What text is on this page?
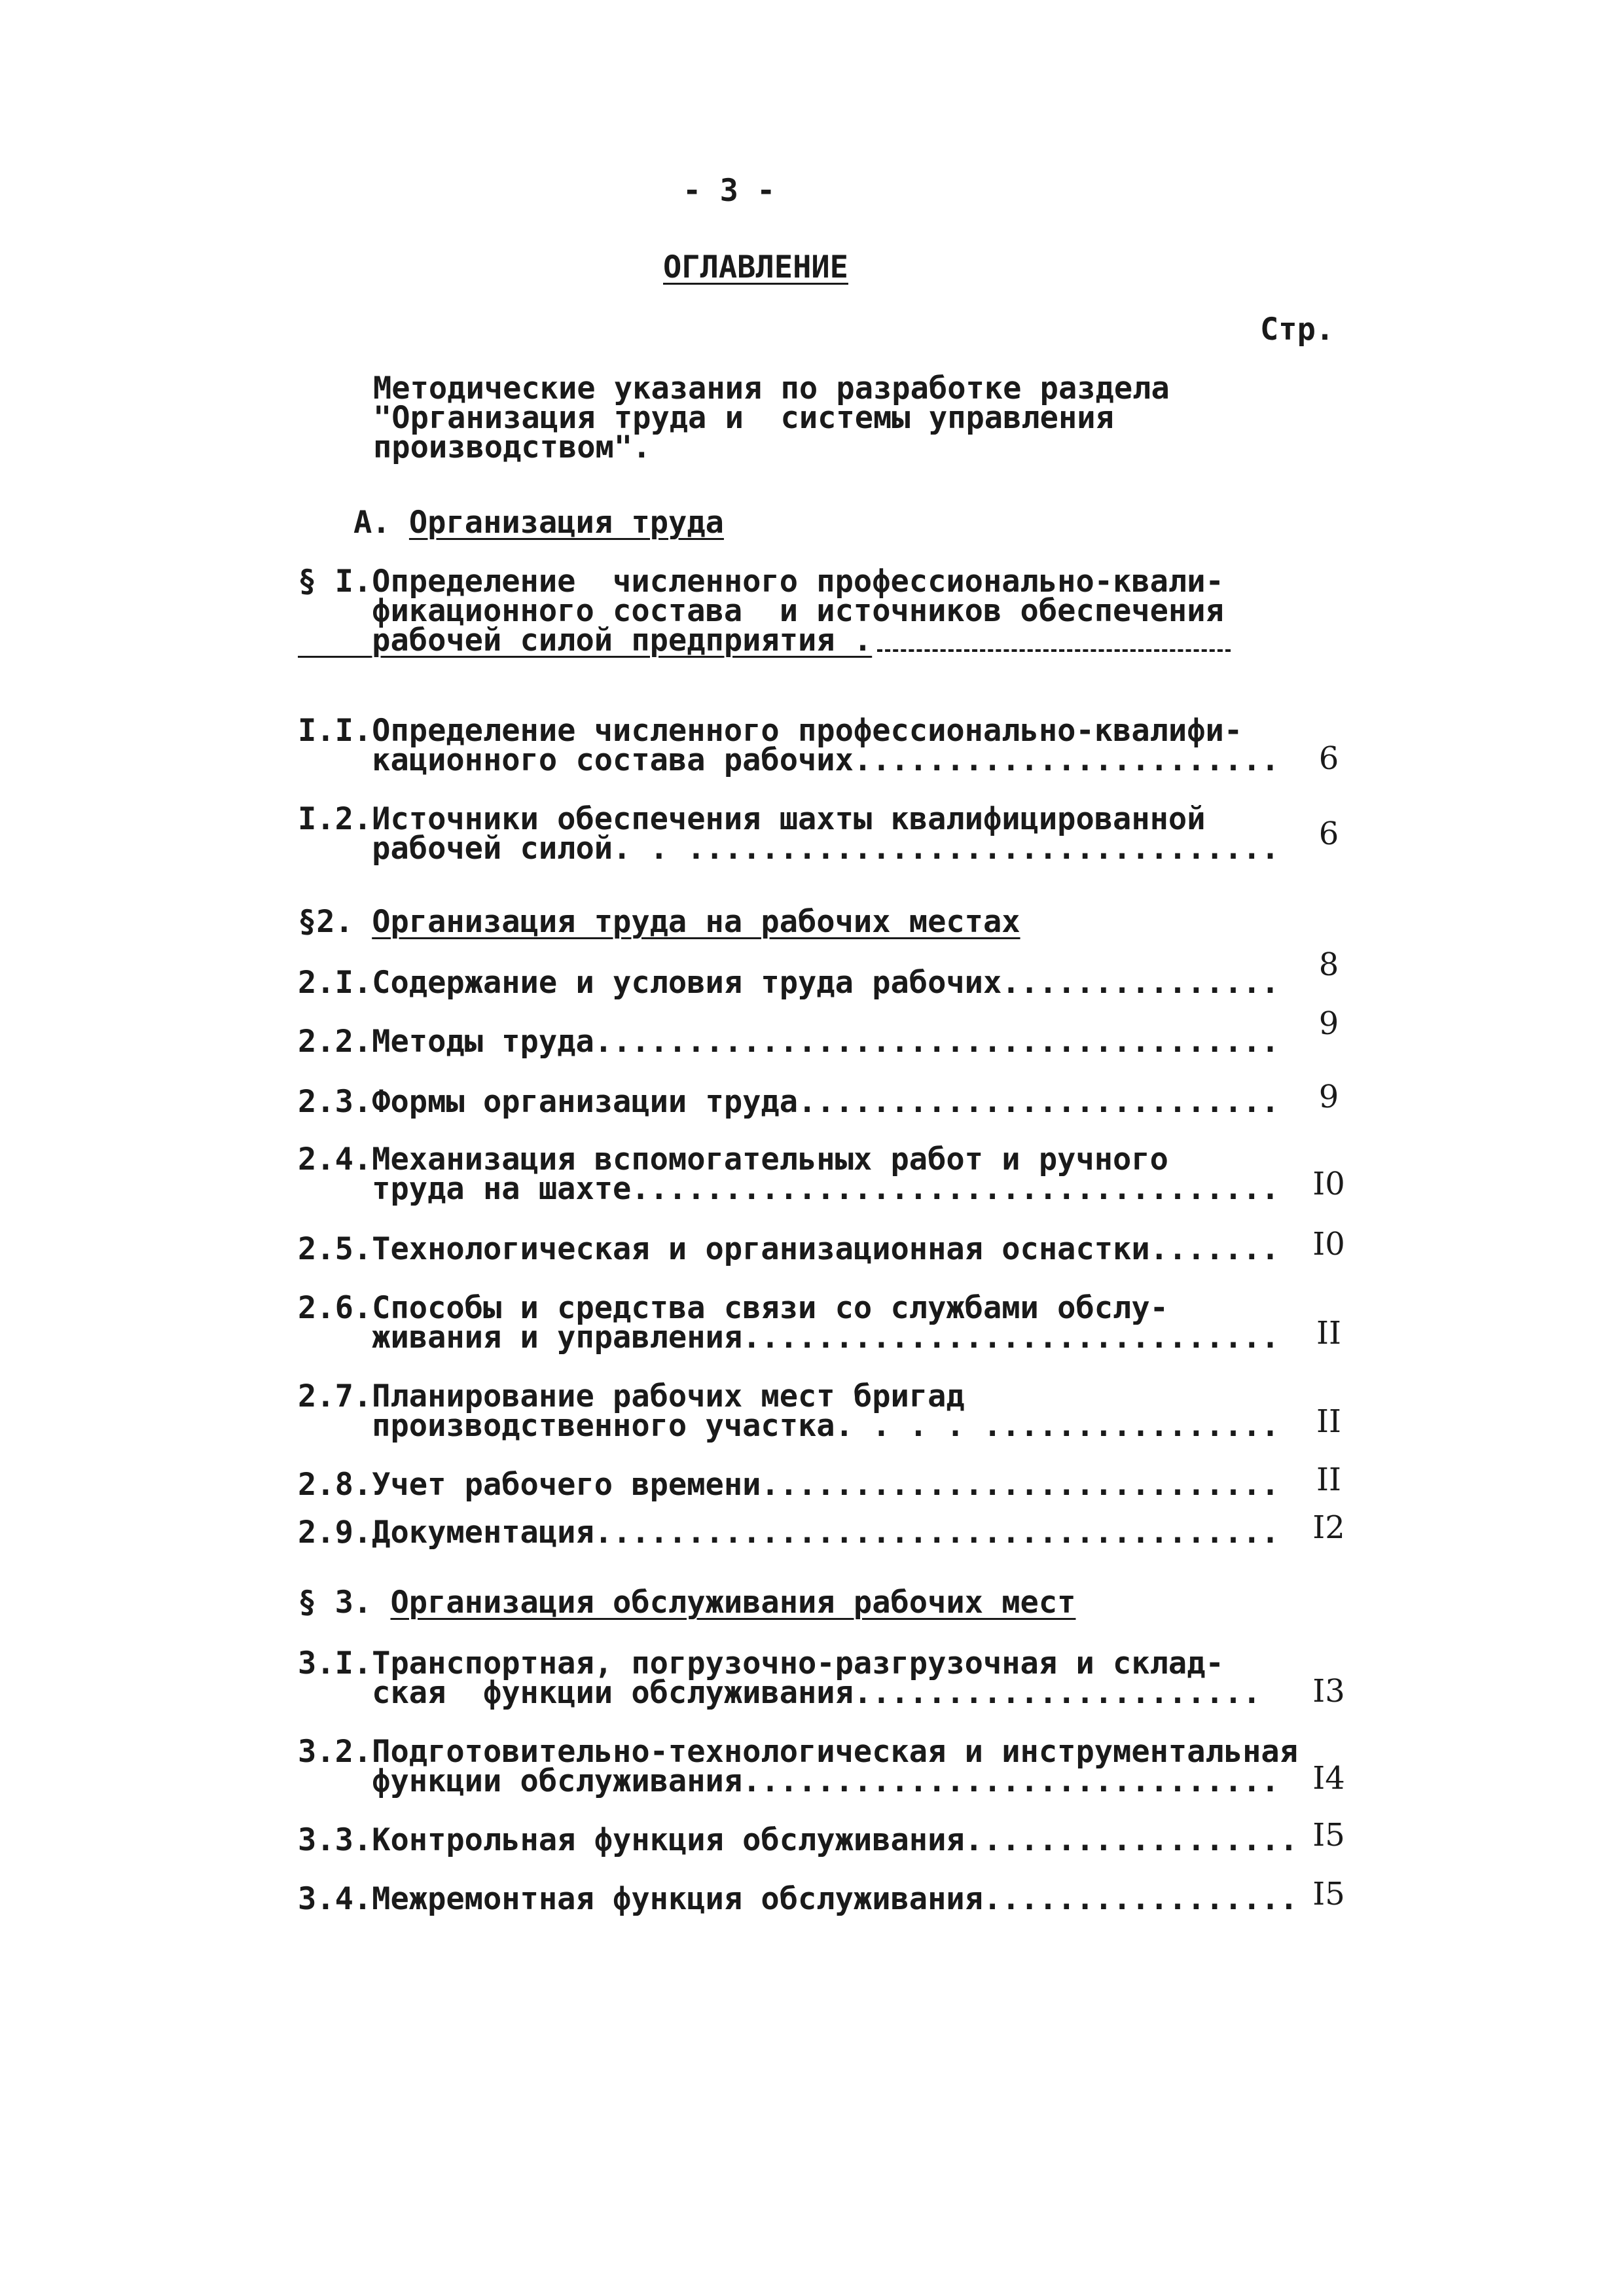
- 3 -

ОГЛАВЛЕНИЕ

Стр.

Методические указания по разработке раздела

"Организация труда и  системы управления

производством".

А. Организация труда

§ I.Определение  численного профессионально-квали-

фикационного состава  и источников обеспечения

рабочей силой предприятия .

I.I.Определение численного профессионально-квалифи-

кационного состава рабочих.......................	6

I.2.Источники обеспечения шахты квалифицированной

рабочей силой. . ................................	6

§2. Организация труда на рабочих местах

2.I.Содержание и условия труда рабочих...............	8

2.2.Методы труда.....................................	9

2.3.Формы организации труда..........................	9

2.4.Механизация вспомогательных работ и ручного

труда на шахте...................................	I0

2.5.Технологическая и организационная оснастки.......	I0

2.6.Способы и средства связи со службами обслу-

живания и управления.............................	II

2.7.Планирование рабочих мест бригад

производственного участка. . . . ................	II

2.8.Учет рабочего времени............................	II

2.9.Документация.....................................	I2

§ 3. Организация обслуживания рабочих мест

3.I.Транспортная, погрузочно-разгрузочная и склад-

ская  функции обслуживания......................	I3

3.2.Подготовительно-технологическая и инструментальная

функции обслуживания.............................	I4

3.3.Контрольная функция обслуживания.................. I5

3.4.Межремонтная функция обслуживания................. I5
